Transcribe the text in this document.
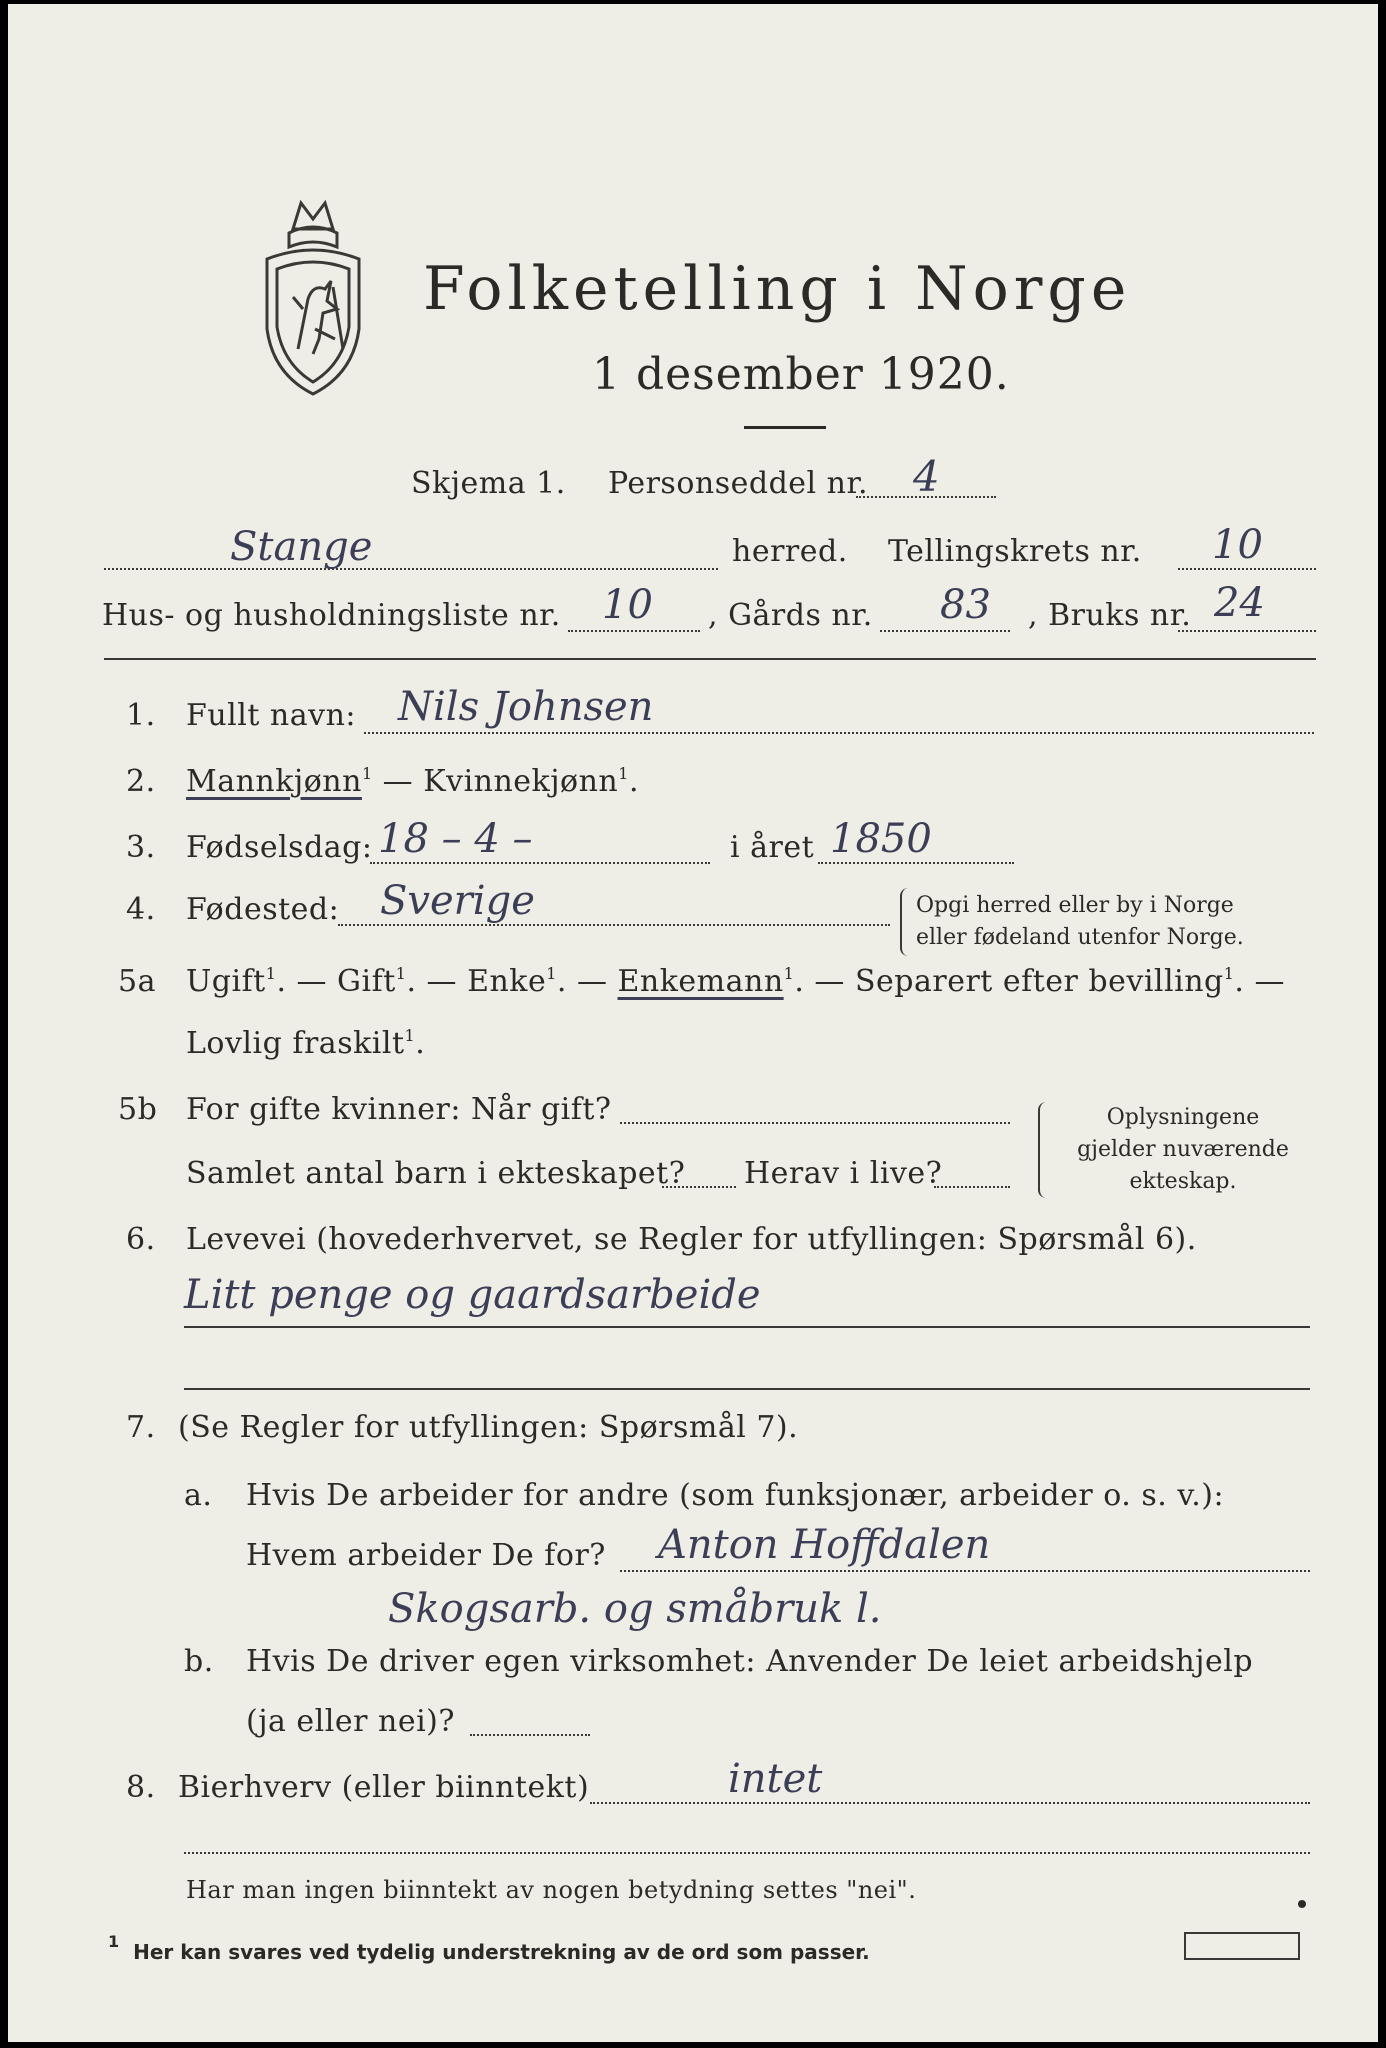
Folketelling i Norge
1 desember 1920.
Skjema 1. Personseddel nr. 4
Stange	herred. Tellingskrets nr. 10
Hus- og husholdningsliste nr. 10 , Gårds nr. 83 , Bruks nr. 24
1. Fullt navn: Nils Johnsen
2. Mannkjønn$^1$ — Kvinnekjønn$^1$.
3. Fødselsdag: 18 – 4 –	i året 1850
4. Fødested: Sverige	Opgi herred eller by i Norge
eller fødeland utenfor Norge.
5a Ugift$^1$. — Gift$^1$. — Enke$^1$. — Enkemann$^1$. — Separert efter bevilling$^1$. —
Lovlig fraskilt$^1$.
5b For gifte kvinner: Når gift?
Samlet antal barn i ekteskapet? Herav i live?
Oplysningene
gjelder nuværende
ekteskap.
6. Levevei (hovederhvervet, se Regler for utfyllingen: Spørsmål 6).
Litt penge og gaardsarbeide
7. (Se Regler for utfyllingen: Spørsmål 7).
a. Hvis De arbeider for andre (som funksjonær, arbeider o. s. v.):
Hvem arbeider De for? Anton Hoffdalen
Skogsarb. og småbruk l.
b. Hvis De driver egen virksomhet: Anvender De leiet arbeidshjelp
(ja eller nei)?
8. Bierhverv (eller biinntekt)	intet
Har man ingen biinntekt av nogen betydning settes "nei".
$^1$ Her kan svares ved tydelig understrekning av de ord som passer.
